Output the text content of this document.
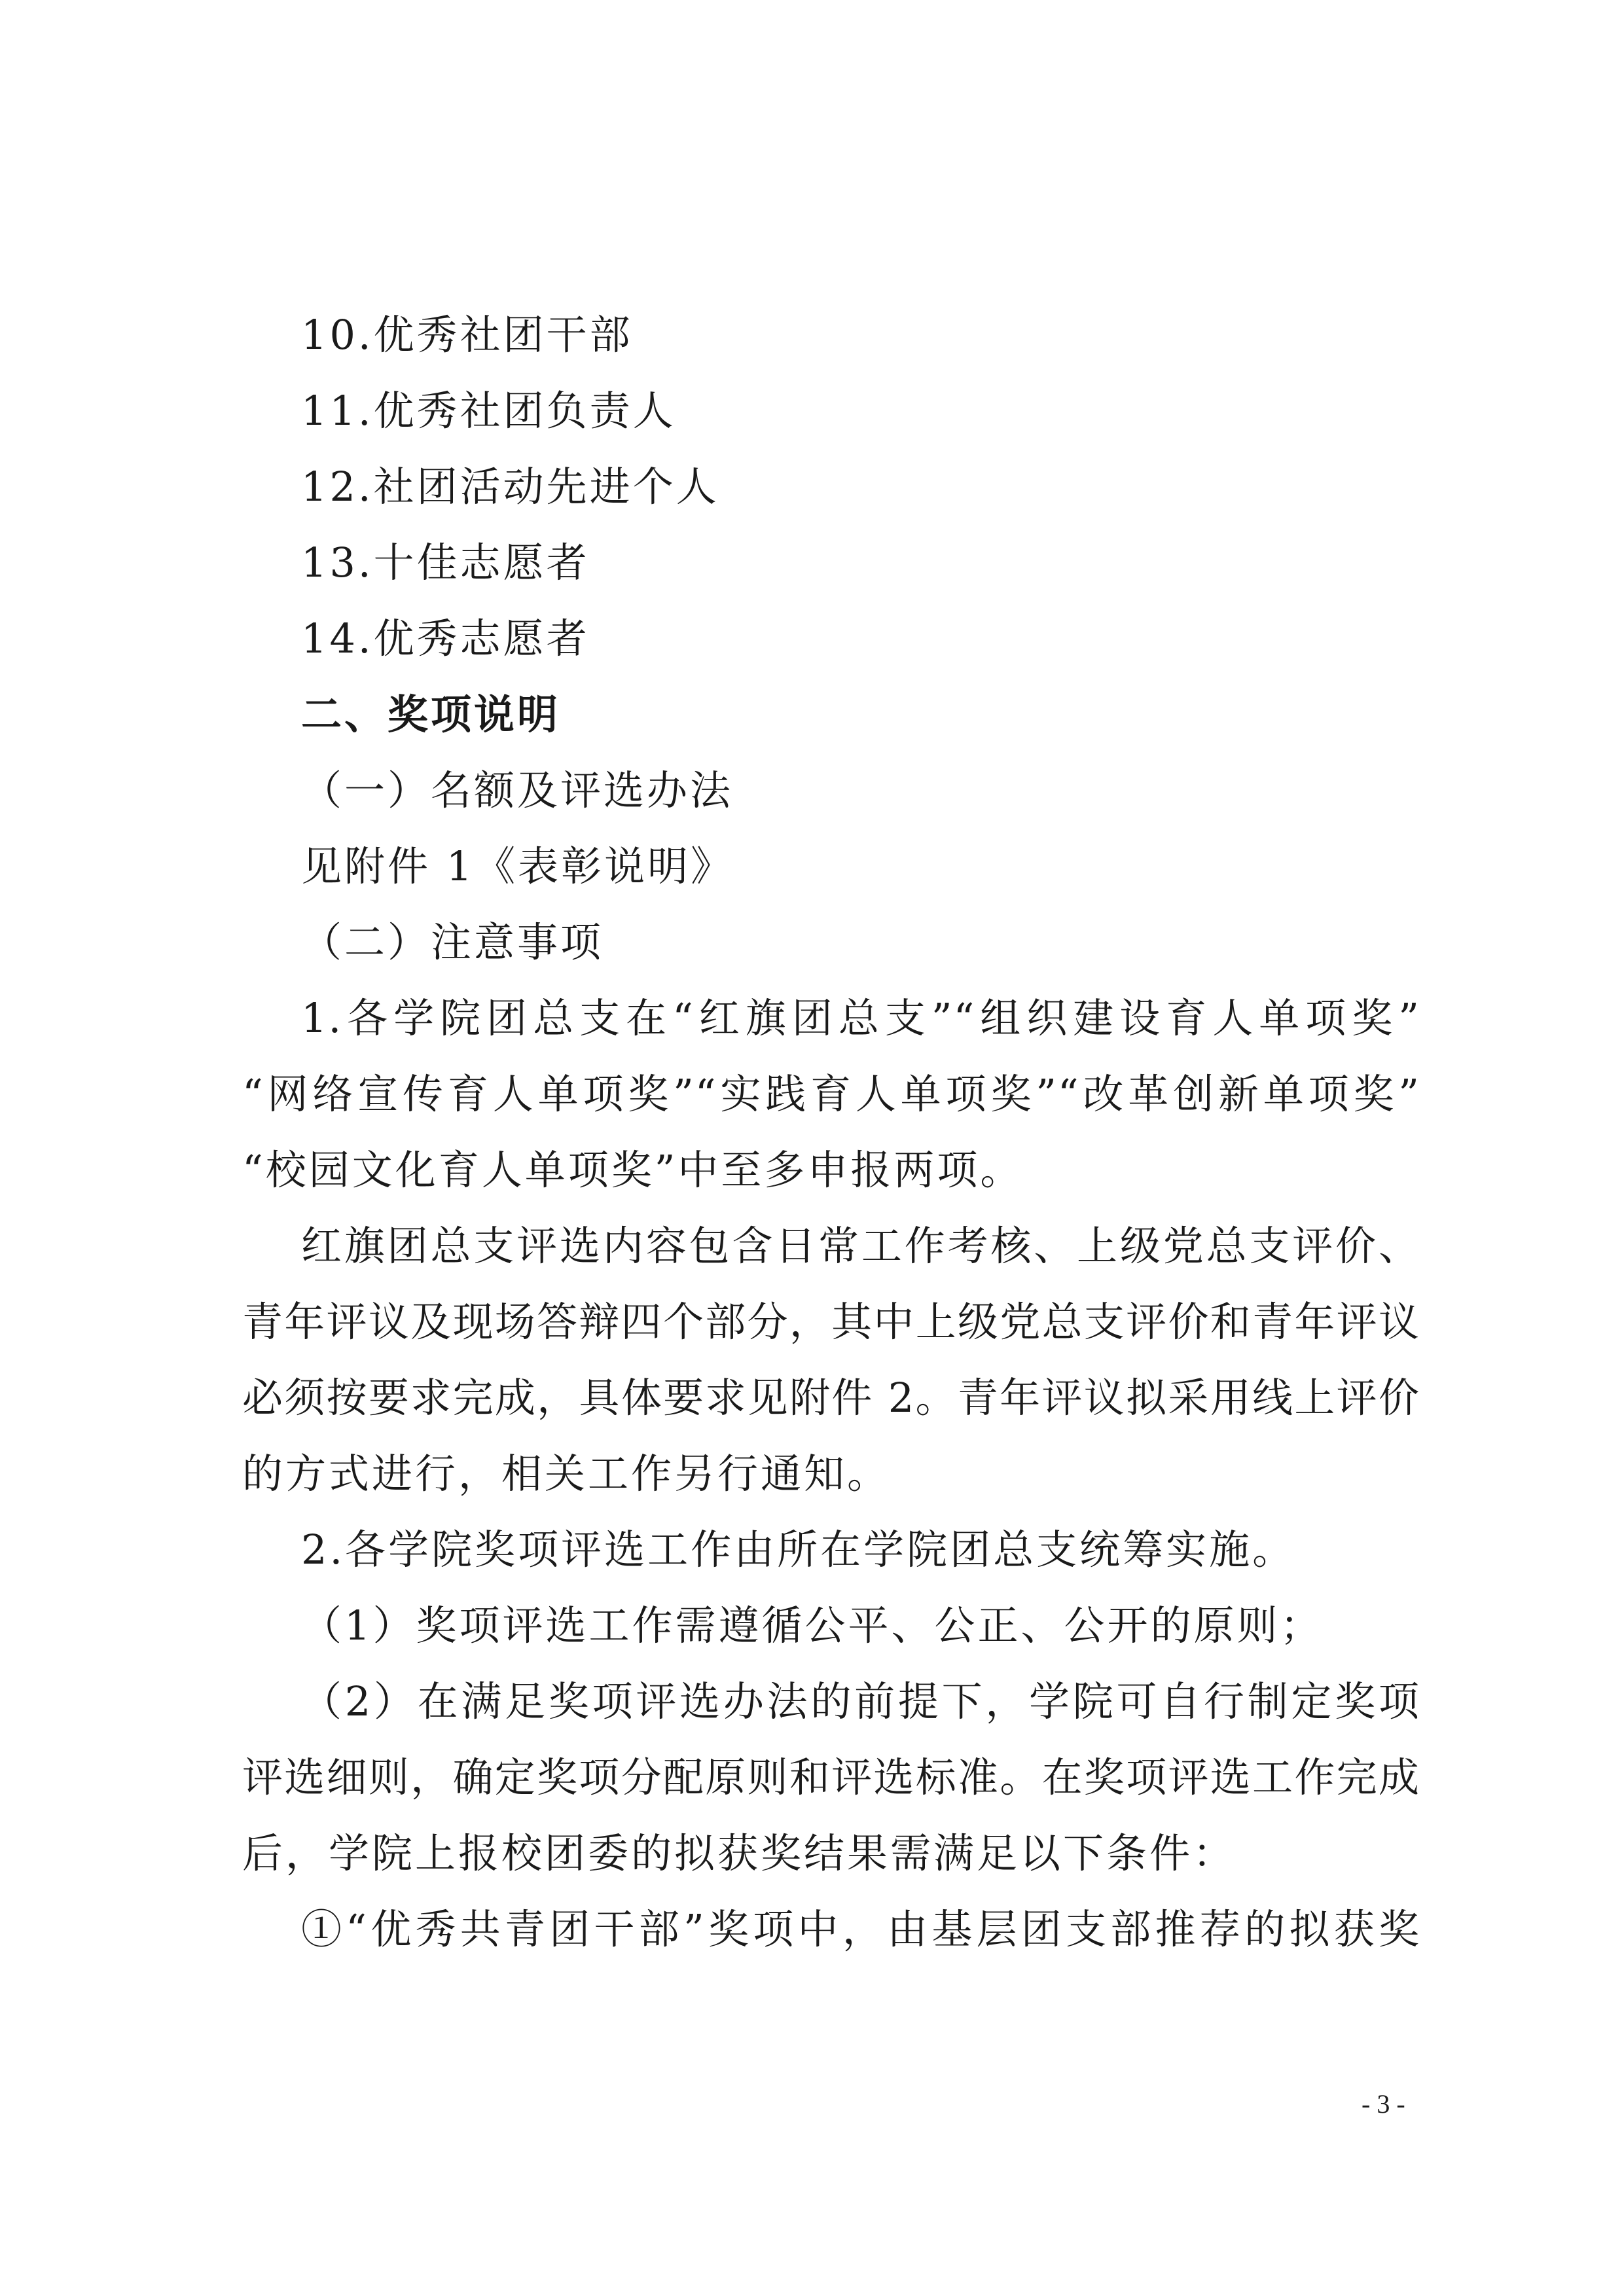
10.优秀社团干部
11.优秀社团负责人
12.社团活动先进个人
13.十佳志愿者
14.优秀志愿者
二、奖项说明
（一）名额及评选办法
见附件 1《表彰说明》
（二）注意事项
1.各学院团总支在“红旗团总支”“组织建设育人单项奖”
“网络宣传育人单项奖”“实践育人单项奖”“改革创新单项奖”
“校园文化育人单项奖”中至多申报两项。
红旗团总支评选内容包含日常工作考核、上级党总支评价、
青年评议及现场答辩四个部分，其中上级党总支评价和青年评议
必须按要求完成，具体要求见附件 2。青年评议拟采用线上评价
的方式进行，相关工作另行通知。
2.各学院奖项评选工作由所在学院团总支统筹实施。
（1）奖项评选工作需遵循公平、公正、公开的原则；
（2）在满足奖项评选办法的前提下，学院可自行制定奖项
评选细则，确定奖项分配原则和评选标准。在奖项评选工作完成
后，学院上报校团委的拟获奖结果需满足以下条件：
①“优秀共青团干部”奖项中，由基层团支部推荐的拟获奖
- 3 -
